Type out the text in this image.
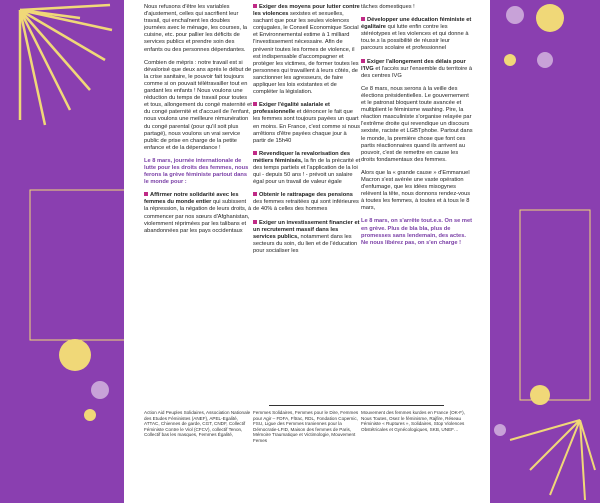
Nous refusons d'être les variables d'ajustement, celles qui sacrifient leur travail, qui enchaînent les doubles journées avec le ménage, les courses, la cuisine, etc. pour pallier les déficits de services publics et prendre soin des enfants ou des personnes dépendantes.

Combien de mépris : notre travail est si dévalorisé que deux ans après le début de la crise sanitaire, le pouvoir fait toujours comme si on pouvait télétravailler tout en gardant les enfants ! Nous voulons une réduction du temps de travail pour toutes et tous, allongement du congé maternité et du congé paternité et d'accueil de l'enfant, nous voulons une meilleure rémunération du congé parental (pour qu'il soit plus partagé), nous voulons un vrai service public de prise en charge de la petite enfance et de la dépendance !

Le 8 mars, journée internationale de lutte pour les droits des femmes, nous ferons la grève féministe partout dans le monde pour :

Affirmer notre solidarité avec les femmes du monde entier qui subissent la répression, la négation de leurs droits, à commencer par nos sœurs d'Afghanistan, violemment réprimées par les talibans et abandonnées par les pays occidentaux

Exiger des moyens pour lutter contre les violences sexistes et sexuelles, sachant que pour les seules violences conjugales, le Conseil Economique Social et Environnemental estime à 1 milliard l'investissement nécessaire. Afin de prévenir toutes les formes de violence, il est indispensable d'accompagner et protéger les victimes, de former toutes les personnes qui travaillent à leurs côtés, de sanctionner les agresseurs, de faire appliquer les lois existantes et de compléter la législation.

Exiger l'égalité salariale et professionnelle et dénoncer le fait que les femmes sont toujours payées un quart en moins. En France, c'est comme si nous arrêtions d'être payées chaque jour à partir de 15h40

Revendiquer la revalorisation des métiers féminisés, la fin de la précarité et des temps partiels et l'application de la loi qui - depuis 50 ans ! - prévoit un salaire égal pour un travail de valeur égale

Obtenir le rattrapage des pensions des femmes retraitées qui sont inférieures de 40% à celles des hommes

Exiger un investissement financier et un recrutement massif dans les services publics, notamment dans les secteurs du soin, du lien et de l'éducation pour socialiser les

tâches domestiques !

Développer une éducation féministe et égalitaire qui lutte enfin contre les stéréotypes et les violences et qui donne à tou.te.s la possibilité de réussir leur parcours scolaire et professionnel

Exiger l'allongement des délais pour l'IVG et l'accès sur l'ensemble du territoire à des centres IVG

Ce 8 mars, nous serons à la veille des élections présidentielles. Le gouvernement et le patronat bloquent toute avancée et multiplient le féminisme washing. Pire, la réaction masculiniste s'organise relayée par l'extrême droite qui revendique un discours sexiste, raciste et LGBTphobe. Partout dans le monde, la première chose que font ces partis réactionnaires quand ils arrivent au pouvoir, c'est de remettre en cause les droits fondamentaux des femmes.

Alors que la « grande cause » d'Emmanuel Macron s'est avérée une vaste opération d'enfumage, que les idées misogynes relèvent la tête, nous donnons rendez-vous à toutes les femmes, à toutes et à tous le 8 mars,

Le 8 mars, on s'arrête tout.e.s. On se met en grève. Plus de bla bla, plus de promesses sans lendemain, des actes. Ne nous libérez pas, on s'en charge !

Action Aid Peuples Solidaires, Association Nationale des Etudes Féministes (ANEF), APEL-Egalité, ATTAC, Chiennes de garde, CGT, CNDF, Collectif Féministe Contre le Viol (CFCV), collectif Tenon, Collectif bas les masques, Femmes Égalité,
Femmes Solidaires, Femmes pour le Dire, Femmes pour Agir – FDFA, Fltrac, RDL, Fondation Copernic, FSU, Ligue des Femmes Iraniennes pour la Démocratie-LFID, Maison des femmes de Paris, Mémoire Traumatique et Victimologie, Mouvement Femes
Mouvement des femmes kurdes en France (OK-F), Nous Toutes, Osez le féminisme, Rajfire, Réseau Féministe « Ruptures », Solidaires, Stop Violences Obstétricales et Gynécologiques, SKB, UNEF…
